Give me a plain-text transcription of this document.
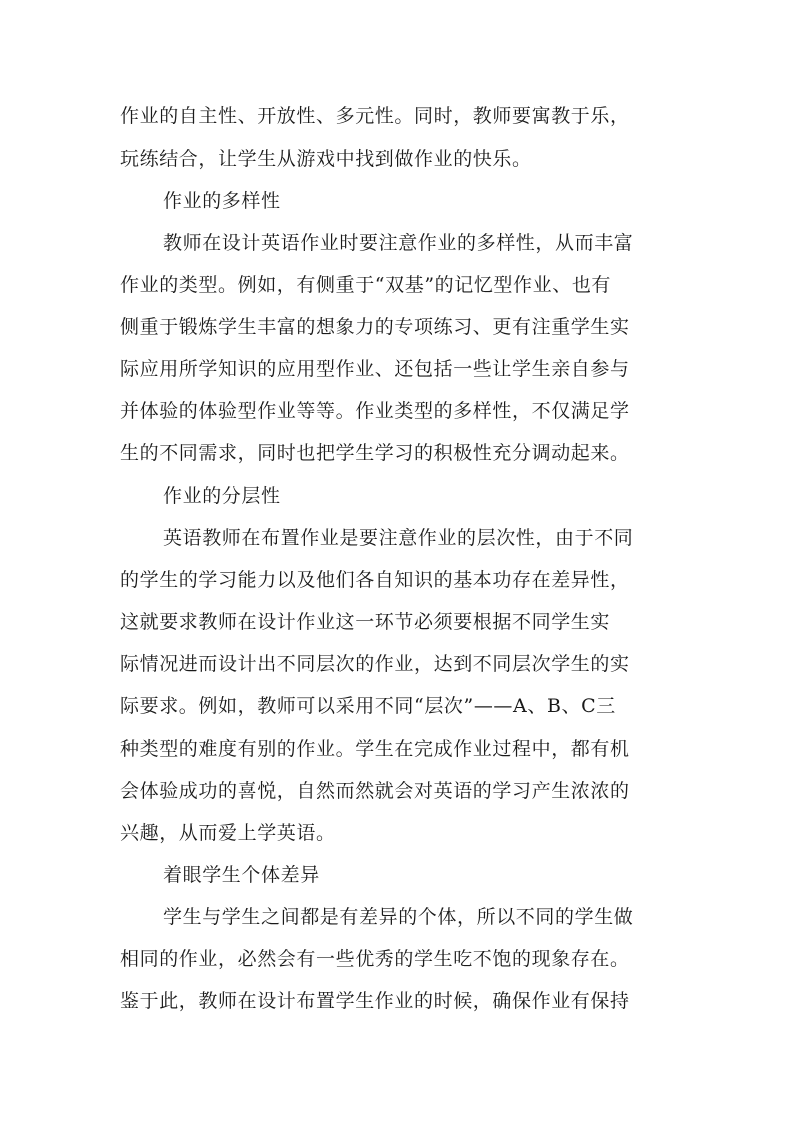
作业的自主性、开放性、多元性。同时，教师要寓教于乐，
玩练结合，让学生从游戏中找到做作业的快乐。
作业的多样性
教师在设计英语作业时要注意作业的多样性，从而丰富
作业的类型。例如，有侧重于“双基”的记忆型作业、也有
侧重于锻炼学生丰富的想象力的专项练习、更有注重学生实
际应用所学知识的应用型作业、还包括一些让学生亲自参与
并体验的体验型作业等等。作业类型的多样性，不仅满足学
生的不同需求，同时也把学生学习的积极性充分调动起来。
作业的分层性
英语教师在布置作业是要注意作业的层次性，由于不同
的学生的学习能力以及他们各自知识的基本功存在差异性，
这就要求教师在设计作业这一环节必须要根据不同学生实
际情况进而设计出不同层次的作业，达到不同层次学生的实
际要求。例如，教师可以采用不同“层次”——A、B、C三
种类型的难度有别的作业。学生在完成作业过程中，都有机
会体验成功的喜悦，自然而然就会对英语的学习产生浓浓的
兴趣，从而爱上学英语。
着眼学生个体差异
学生与学生之间都是有差异的个体，所以不同的学生做
相同的作业，必然会有一些优秀的学生吃不饱的现象存在。
鉴于此，教师在设计布置学生作业的时候，确保作业有保持
